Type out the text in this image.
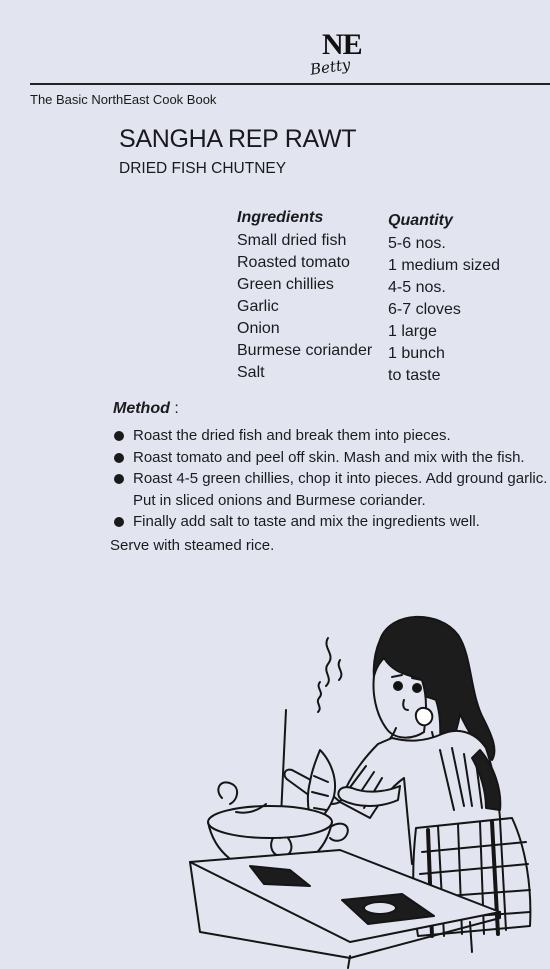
NE
Betty
The Basic NorthEast Cook Book
SANGHA REP RAWT
DRIED FISH CHUTNEY
Ingredients
Small dried fish
Roasted tomato
Green chillies
Garlic
Onion
Burmese coriander
Salt
Quantity
5-6 nos.
1 medium sized
4-5 nos.
6-7 cloves
1 large
1 bunch
to taste
Method :
Roast the dried fish and break them into pieces.
Roast tomato and peel off skin. Mash and mix with the fish.
Roast 4-5 green chillies, chop it into pieces. Add ground garlic. Put in sliced onions and Burmese coriander.
Finally add salt to taste and mix the ingredients well.
Serve with steamed rice.
